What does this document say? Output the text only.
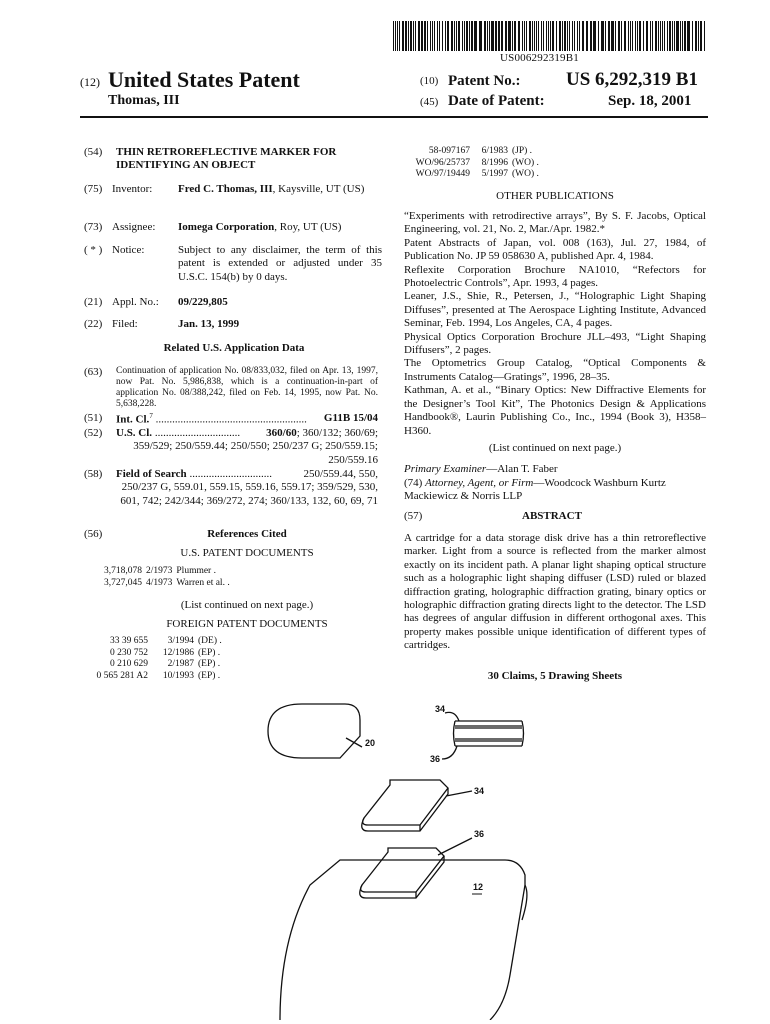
US006292319B1
(12) United States Patent
Thomas, III
(10) Patent No.: US 6,292,319 B1
(45) Date of Patent:	Sep. 18, 2001
(54) THIN RETROREFLECTIVE MARKER FOR IDENTIFYING AN OBJECT
(75) Inventor: Fred C. Thomas, III, Kaysville, UT (US)
(73) Assignee: Iomega Corporation, Roy, UT (US)
( * ) Notice:	Subject to any disclaimer, the term of this patent is extended or adjusted under 35 U.S.C. 154(b) by 0 days.
(21) Appl. No.: 09/229,805
(22) Filed:	Jan. 13, 1999
Related U.S. Application Data
(63) Continuation of application No. 08/833,032, filed on Apr. 13, 1997, now Pat. No. 5,986,838, which is a continuation-in-part of application No. 08/388,242, filed on Feb. 14, 1995, now Pat. No. 5,638,228.
(51) Int. Cl.$^7$ .......................................................	G11B 15/04
(52) U.S. Cl. ............................... 360/60; 360/132; 360/69; 359/529; 250/559.44; 250/550; 250/237 G; 250/559.15; 250/559.16
(58) Field of Search ..............................	250/559.44, 550,
250/237 G, 559.01, 559.15, 559.16, 559.17; 359/529, 530, 601, 742; 242/344; 369/272, 274; 360/133, 132, 60, 69, 71
(56)	References Cited
U.S. PATENT DOCUMENTS
3,718,078	2/1973	Plummer .
3,727,045	4/1973	Warren et al. .
(List continued on next page.)
FOREIGN PATENT DOCUMENTS
33 39 655	3/1994	(DE) .
0 230 752	12/1986	(EP) .
0 210 629	2/1987	(EP) .
0 565 281 A2	10/1993	(EP) .
58-097167	6/1983	(JP) .
WO/96/25737	8/1996	(WO) .
WO/97/19449	5/1997	(WO) .
OTHER PUBLICATIONS
“Experiments with retrodirective arrays”, By S. F. Jacobs, Optical Engineering, vol. 21, No. 2, Mar./Apr. 1982.*
Patent Abstracts of Japan, vol. 008 (163), Jul. 27, 1984, of Publication No. JP 59 058630 A, published Apr. 4, 1984.
Reflexite Corporation Brochure NA1010, “Refectors for Photoelectric Controls”, Apr. 1993, 4 pages.
Leaner, J.S., Shie, R., Petersen, J., “Holographic Light Shaping Diffuses”, presented at The Aerospace Lighting Institute, Advanced Seminar, Feb. 1994, Los Angeles, CA, 4 pages.
Physical Optics Corporation Brochure JLL–493, “Light Shaping Diffusers”, 2 pages.
The Optometrics Group Catalog, “Optical Components & Instruments Catalog—Gratings”, 1996, 28–35.
Kathman, A. et al., “Binary Optics: New Diffractive Elements for the Designer’s Tool Kit”, The Photonics Design & Applications Handbook®, Laurin Publishing Co., Inc., 1994 (Book 3), H358–H360.
(List continued on next page.)
Primary Examiner—Alan T. Faber
(74) Attorney, Agent, or Firm—Woodcock Washburn Kurtz Mackiewicz & Norris LLP
(57)	ABSTRACT
A cartridge for a data storage disk drive has a thin retroreflective marker. Light from a source is reflected from the marker almost exactly on its incident path. A planar light shaping optical structure such as a holographic light shaping diffuser (LSD) ruled or blazed diffraction grating, holographic diffraction grating, binary optics or holographic diffraction grating directs light to the detector. The LSD has degrees of angular diffusion in different orthogonal axes. This property makes possible unique identification of different types of cartridges.
30 Claims, 5 Drawing Sheets
20
34
36
34
36
12
